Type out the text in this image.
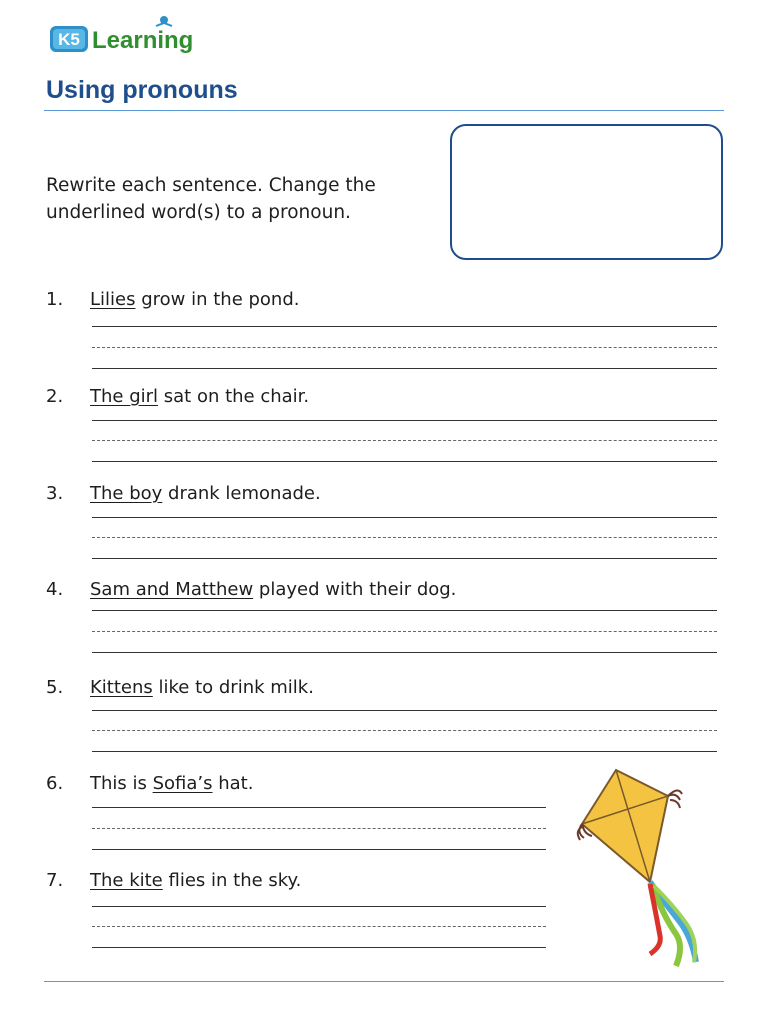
K5 Learning
Using pronouns

Rewrite each sentence. Change the underlined word(s) to a pronoun.

1. Lilies grow in the pond.
2. The girl sat on the chair.
3. The boy drank lemonade.
4. Sam and Matthew played with their dog.
5. Kittens like to drink milk.
6. This is Sofia’s hat.
7. The kite flies in the sky.
